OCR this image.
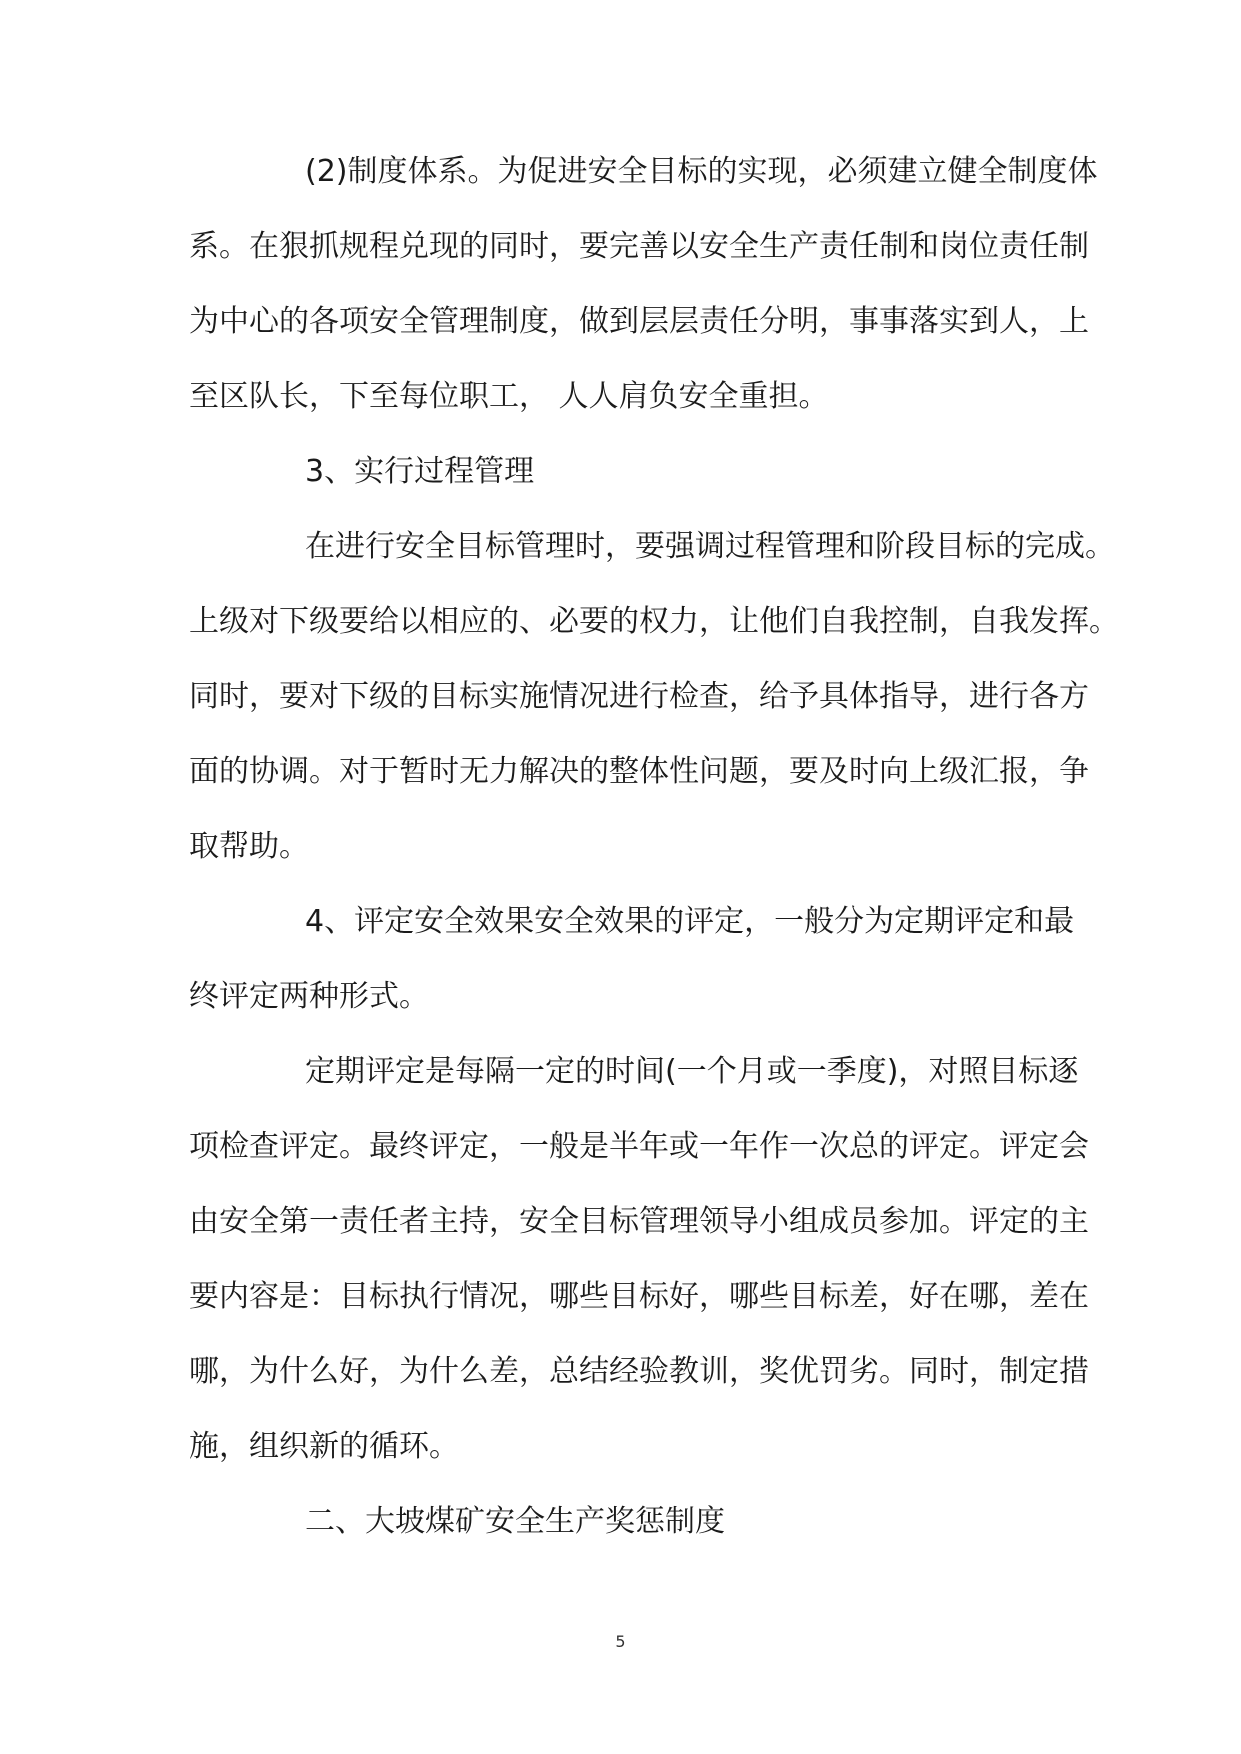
(2)制度体系。为促进安全目标的实现，必须建立健全制度体
系。在狠抓规程兑现的同时，要完善以安全生产责任制和岗位责任制
为中心的各项安全管理制度，做到层层责任分明，事事落实到人，上
至区队长，下至每位职工， 人人肩负安全重担。
3、实行过程管理
在进行安全目标管理时，要强调过程管理和阶段目标的完成。
上级对下级要给以相应的、必要的权力，让他们自我控制，自我发挥。
同时，要对下级的目标实施情况进行检查，给予具体指导，进行各方
面的协调。对于暂时无力解决的整体性问题，要及时向上级汇报，争
取帮助。
4、评定安全效果安全效果的评定，一般分为定期评定和最
终评定两种形式。
定期评定是每隔一定的时间(一个月或一季度)，对照目标逐
项检查评定。最终评定，一般是半年或一年作一次总的评定。评定会
由安全第一责任者主持，安全目标管理领导小组成员参加。评定的主
要内容是：目标执行情况，哪些目标好，哪些目标差，好在哪，差在
哪，为什么好，为什么差，总结经验教训，奖优罚劣。同时，制定措
施，组织新的循环。
二、大坡煤矿安全生产奖惩制度
5
